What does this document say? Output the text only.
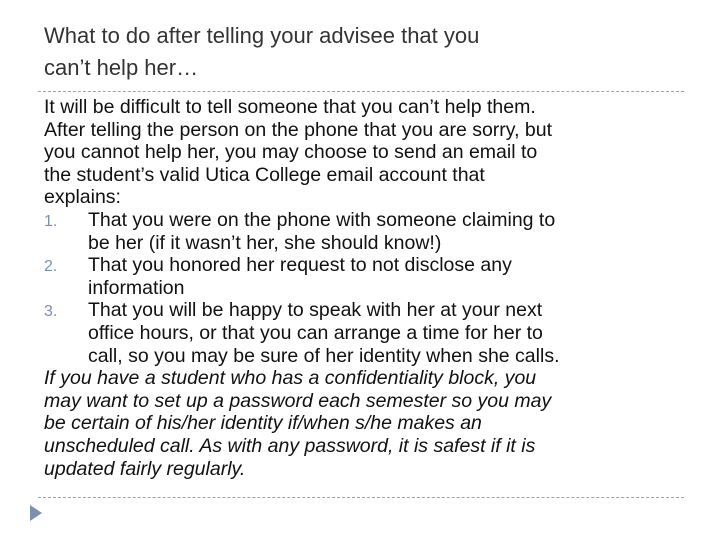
What to do after telling your advisee that you
can’t help her…
It will be difficult to tell someone that you can’t help them.
After telling the person on the phone that you are sorry, but
you cannot help her, you may choose to send an email to
the student’s valid Utica College email account that
explains:
1. That you were on the phone with someone claiming to
be her (if it wasn’t her, she should know!)
2. That you honored her request to not disclose any
information
3. That you will be happy to speak with her at your next
office hours, or that you can arrange a time for her to
call, so you may be sure of her identity when she calls.
If you have a student who has a confidentiality block, you
may want to set up a password each semester so you may
be certain of his/her identity if/when s/he makes an
unscheduled call. As with any password, it is safest if it is
updated fairly regularly.
